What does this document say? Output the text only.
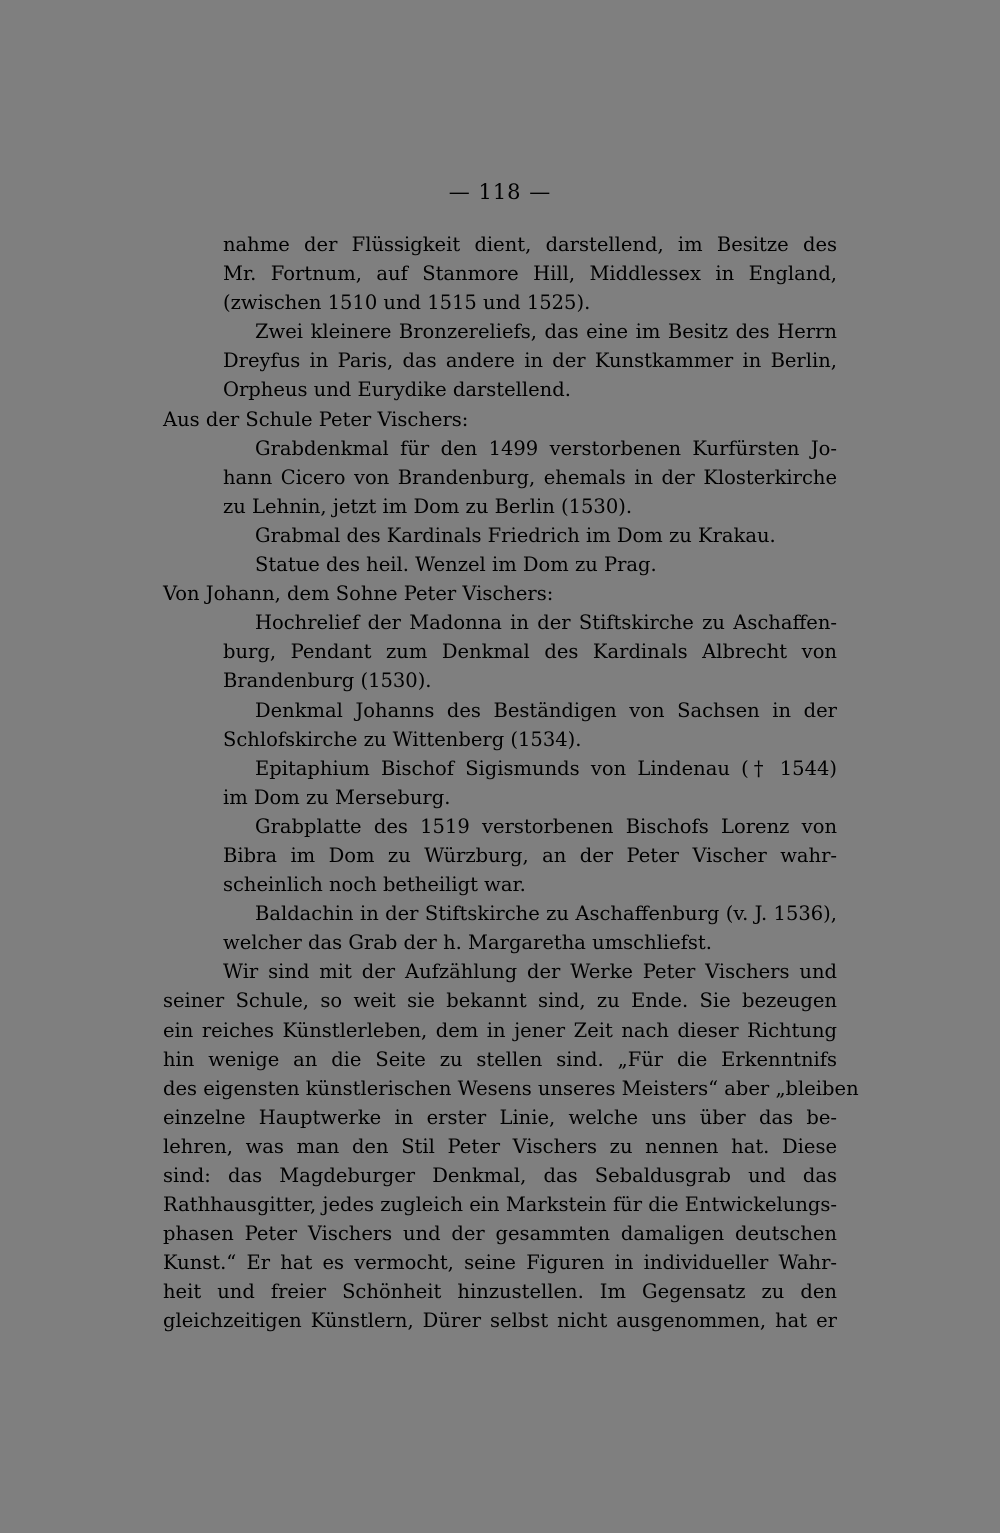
— 118 —
nahme der Flüssigkeit dient, darstellend, im Besitze des
Mr. Fortnum, auf Stanmore Hill, Middlessex in England,
(zwischen 1510 und 1515 und 1525).
Zwei kleinere Bronzereliefs, das eine im Besitz des Herrn
Dreyfus in Paris, das andere in der Kunstkammer in Berlin,
Orpheus und Eurydike darstellend.
Aus der Schule Peter Vischers:
Grabdenkmal für den 1499 verstorbenen Kurfürsten Jo-
hann Cicero von Brandenburg, ehemals in der Klosterkirche
zu Lehnin, jetzt im Dom zu Berlin (1530).
Grabmal des Kardinals Friedrich im Dom zu Krakau.
Statue des heil. Wenzel im Dom zu Prag.
Von Johann, dem Sohne Peter Vischers:
Hochrelief der Madonna in der Stiftskirche zu Aschaffen-
burg, Pendant zum Denkmal des Kardinals Albrecht von
Brandenburg (1530).
Denkmal Johanns des Beständigen von Sachsen in der
Schlofskirche zu Wittenberg (1534).
Epitaphium Bischof Sigismunds von Lindenau († 1544)
im Dom zu Merseburg.
Grabplatte des 1519 verstorbenen Bischofs Lorenz von
Bibra im Dom zu Würzburg, an der Peter Vischer wahr-
scheinlich noch betheiligt war.
Baldachin in der Stiftskirche zu Aschaffenburg (v. J. 1536),
welcher das Grab der h. Margaretha umschliefst.
Wir sind mit der Aufzählung der Werke Peter Vischers und
seiner Schule, so weit sie bekannt sind, zu Ende. Sie bezeugen
ein reiches Künstlerleben, dem in jener Zeit nach dieser Richtung
hin wenige an die Seite zu stellen sind. „Für die Erkenntnifs
des eigensten künstlerischen Wesens unseres Meisters“ aber „bleiben
einzelne Hauptwerke in erster Linie, welche uns über das be-
lehren, was man den Stil Peter Vischers zu nennen hat. Diese
sind: das Magdeburger Denkmal, das Sebaldusgrab und das
Rathhausgitter, jedes zugleich ein Markstein für die Entwickelungs-
phasen Peter Vischers und der gesammten damaligen deutschen
Kunst.“ Er hat es vermocht, seine Figuren in individueller Wahr-
heit und freier Schönheit hinzustellen. Im Gegensatz zu den
gleichzeitigen Künstlern, Dürer selbst nicht ausgenommen, hat er
